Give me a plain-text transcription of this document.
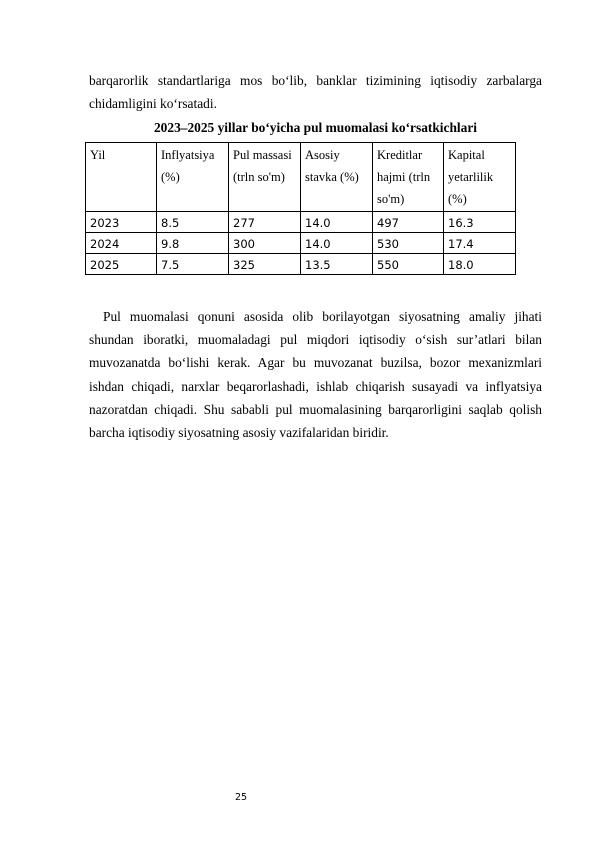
barqarorlik standartlariga mos bo‘lib, banklar tizimining iqtisodiy zarbalarga chidamligini ko‘rsatadi.

2023–2025 yillar bo‘yicha pul muomalasi ko‘rsatkichlari

Yil	Inflyatsiya (%)	Pul massasi (trln so'm)	Asosiy stavka (%)	Kreditlar hajmi (trln so'm)	Kapital yetarlilik (%)
2023	8.5	277	14.0	497	16.3
2024	9.8	300	14.0	530	17.4
2025	7.5	325	13.5	550	18.0

Pul muomalasi qonuni asosida olib borilayotgan siyosatning amaliy jihati shundan iboratki, muomaladagi pul miqdori iqtisodiy o‘sish sur’atlari bilan muvozanatda bo‘lishi kerak. Agar bu muvozanat buzilsa, bozor mexanizmlari ishdan chiqadi, narxlar beqarorlashadi, ishlab chiqarish susayadi va inflyatsiya nazoratdan chiqadi. Shu sababli pul muomalasining barqarorligini saqlab qolish barcha iqtisodiy siyosatning asosiy vazifalaridan biridir.

25
